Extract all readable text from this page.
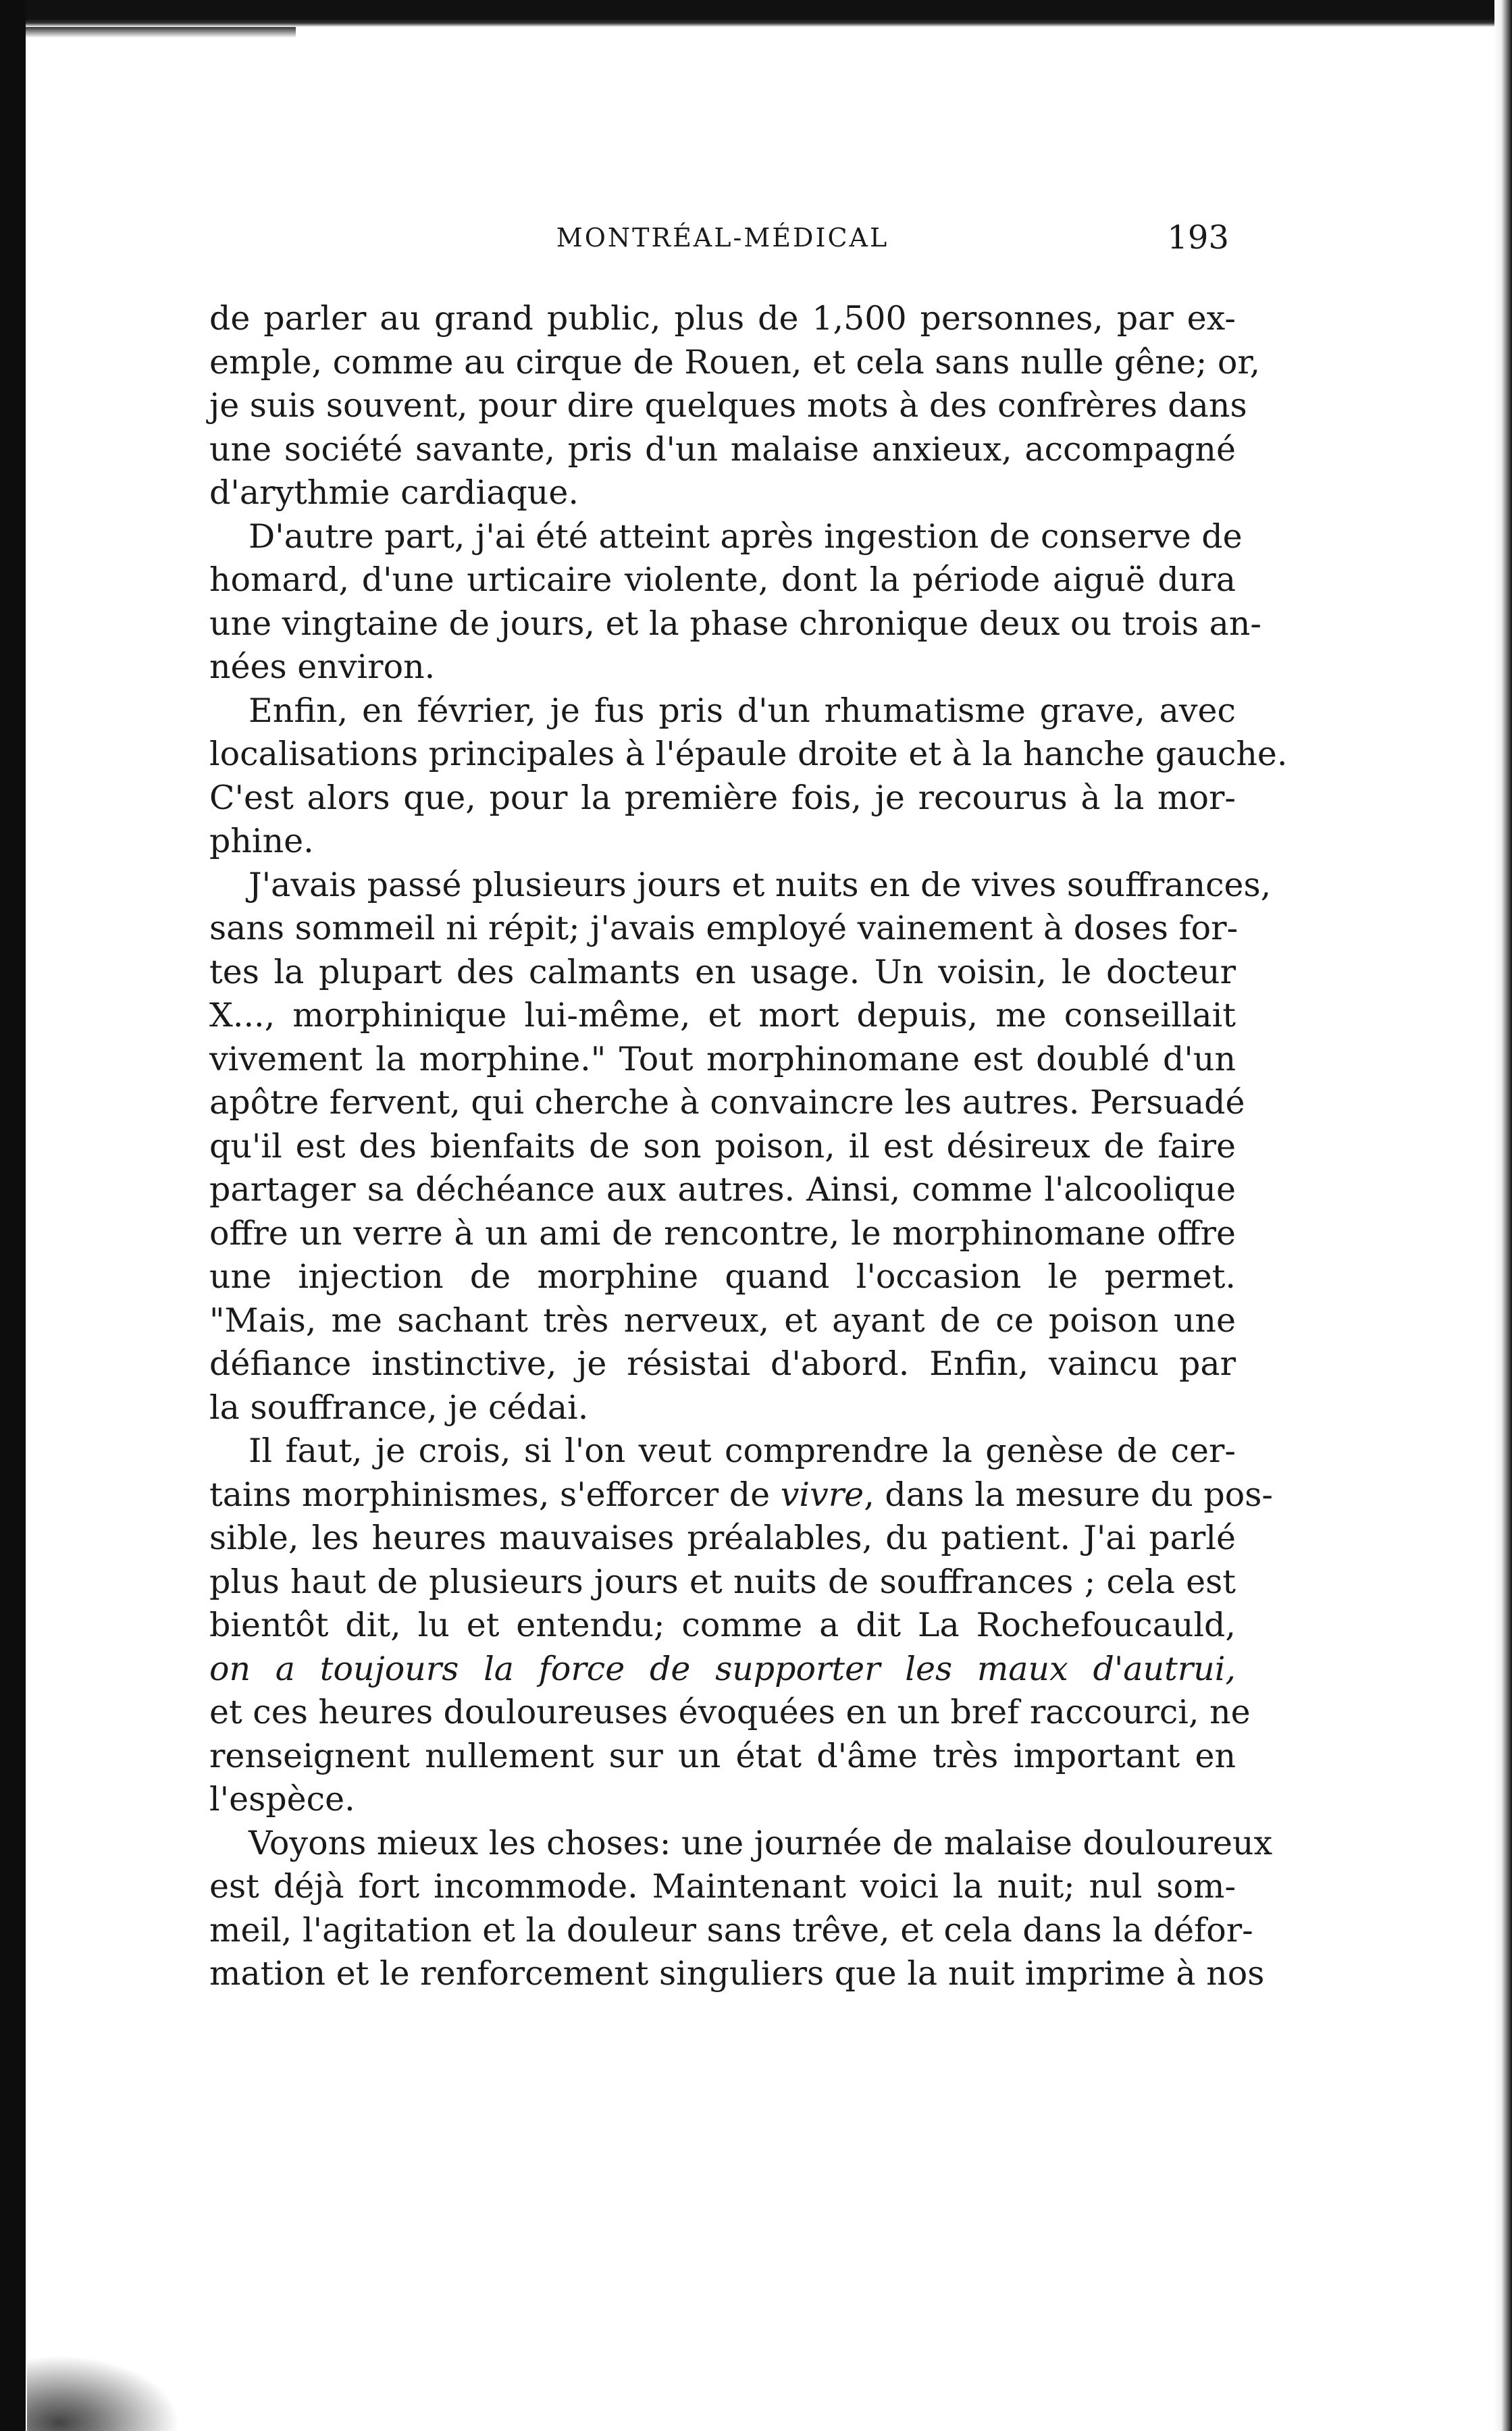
MONTRÉAL-MÉDICAL	193
de parler au grand public, plus de 1,500 personnes, par ex-
emple, comme au cirque de Rouen, et cela sans nulle gêne; or,
je suis souvent, pour dire quelques mots à des confrères dans
une société savante, pris d'un malaise anxieux, accompagné
d'arythmie cardiaque.
D'autre part, j'ai été atteint après ingestion de conserve de
homard, d'une urticaire violente, dont la période aiguë dura
une vingtaine de jours, et la phase chronique deux ou trois an-
nées environ.
Enfin, en février, je fus pris d'un rhumatisme grave, avec
localisations principales à l'épaule droite et à la hanche gauche.
C'est alors que, pour la première fois, je recourus à la mor-
phine.
J'avais passé plusieurs jours et nuits en de vives souffrances,
sans sommeil ni répit; j'avais employé vainement à doses for-
tes la plupart des calmants en usage. Un voisin, le docteur
X..., morphinique lui-même, et mort depuis, me conseillait
vivement la morphine." Tout morphinomane est doublé d'un
apôtre fervent, qui cherche à convaincre les autres. Persuadé
qu'il est des bienfaits de son poison, il est désireux de faire
partager sa déchéance aux autres. Ainsi, comme l'alcoolique
offre un verre à un ami de rencontre, le morphinomane offre
une injection de morphine quand l'occasion le permet.
"Mais, me sachant très nerveux, et ayant de ce poison une
défiance instinctive, je résistai d'abord. Enfin, vaincu par
la souffrance, je cédai.
Il faut, je crois, si l'on veut comprendre la genèse de cer-
tains morphinismes, s'efforcer de vivre, dans la mesure du pos-
sible, les heures mauvaises préalables, du patient. J'ai parlé
plus haut de plusieurs jours et nuits de souffrances ; cela est
bientôt dit, lu et entendu; comme a dit La Rochefoucauld,
on a toujours la force de supporter les maux d'autrui,
et ces heures douloureuses évoquées en un bref raccourci, ne
renseignent nullement sur un état d'âme très important en
l'espèce.
Voyons mieux les choses: une journée de malaise douloureux
est déjà fort incommode. Maintenant voici la nuit; nul som-
meil, l'agitation et la douleur sans trêve, et cela dans la défor-
mation et le renforcement singuliers que la nuit imprime à nos
